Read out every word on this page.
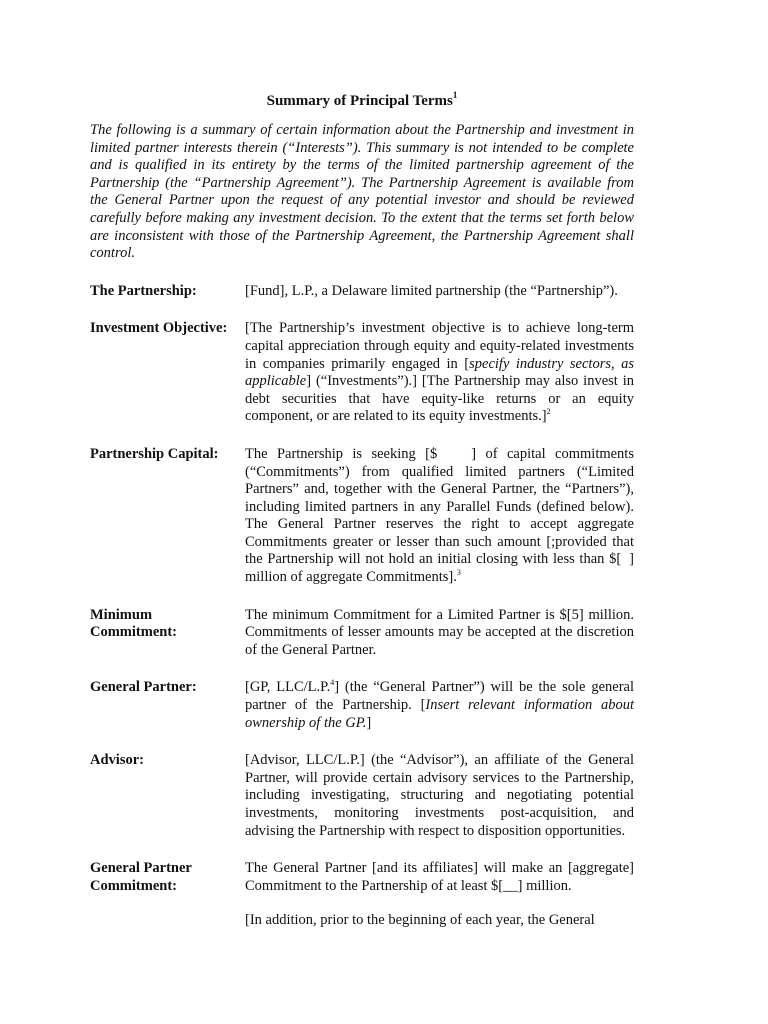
Summary of Principal Terms$^1$

The following is a summary of certain information about the Partnership and investment in limited partner interests therein (“Interests”). This summary is not intended to be complete and is qualified in its entirety by the terms of the limited partnership agreement of the Partnership (the “Partnership Agreement”). The Partnership Agreement is available from the General Partner upon the request of any potential investor and should be reviewed carefully before making any investment decision. To the extent that the terms set forth below are inconsistent with those of the Partnership Agreement, the Partnership Agreement shall control.

The Partnership:	[Fund], L.P., a Delaware limited partnership (the “Partnership”).
Investment Objective:	[The Partnership’s investment objective is to achieve long-term capital appreciation through equity and equity-related investments in companies primarily engaged in [specify industry sectors, as applicable] (“Investments”).] [The Partnership may also invest in debt securities that have equity-like returns or an equity component, or are related to its equity investments.]$^2$
Partnership Capital:	The Partnership is seeking [$ ] of capital commitments (“Commitments”) from qualified limited partners (“Limited Partners” and, together with the General Partner, the “Partners”), including limited partners in any Parallel Funds (defined below). The General Partner reserves the right to accept aggregate Commitments greater or lesser than such amount [;provided that the Partnership will not hold an initial closing with less than $[ ] million of aggregate Commitments].$^3$
Minimum Commitment:
The minimum Commitment for a Limited Partner is $[5] million. Commitments of lesser amounts may be accepted at the discretion of the General Partner.
General Partner:	[GP, LLC/L.P.$^4$] (the “General Partner”) will be the sole general partner of the Partnership. [Insert relevant information about ownership of the GP.]
Advisor:	[Advisor, LLC/L.P.] (the “Advisor”), an affiliate of the General Partner, will provide certain advisory services to the Partnership, including investigating, structuring and negotiating potential investments, monitoring investments post-acquisition, and advising the Partnership with respect to disposition opportunities.
General Partner Commitment:

The General Partner [and its affiliates] will make an [aggregate] Commitment to the Partnership of at least $[__] million.

[In addition, prior to the beginning of each year, the General
